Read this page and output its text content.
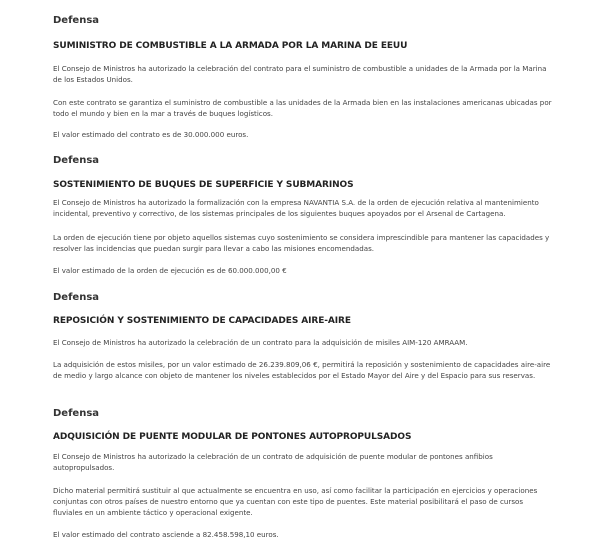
Defensa

SUMINISTRO DE COMBUSTIBLE A LA ARMADA POR LA MARINA DE EEUU

El Consejo de Ministros ha autorizado la celebración del contrato para el suministro de combustible a unidades de la Armada por la Marina de los Estados Unidos.

Con este contrato se garantiza el suministro de combustible a las unidades de la Armada bien en las instalaciones americanas ubicadas por todo el mundo y bien en la mar a través de buques logísticos.

El valor estimado del contrato es de 30.000.000 euros.

Defensa

SOSTENIMIENTO DE BUQUES DE SUPERFICIE Y SUBMARINOS

El Consejo de Ministros ha autorizado la formalización con la empresa NAVANTIA S.A. de la orden de ejecución relativa al mantenimiento incidental, preventivo y correctivo, de los sistemas principales de los siguientes buques apoyados por el Arsenal de Cartagena.

La orden de ejecución tiene por objeto aquellos sistemas cuyo sostenimiento se considera imprescindible para mantener las capacidades y resolver las incidencias que puedan surgir para llevar a cabo las misiones encomendadas.

El valor estimado de la orden de ejecución es de 60.000.000,00 €

Defensa

REPOSICIÓN Y SOSTENIMIENTO DE CAPACIDADES AIRE-AIRE

El Consejo de Ministros ha autorizado la celebración de un contrato para la adquisición de misiles AIM-120 AMRAAM.

La adquisición de estos misiles, por un valor estimado de 26.239.809,06 €, permitirá la reposición y sostenimiento de capacidades aire-aire de medio y largo alcance con objeto de mantener los niveles establecidos por el Estado Mayor del Aire y del Espacio para sus reservas.

Defensa

ADQUISICIÓN DE PUENTE MODULAR DE PONTONES AUTOPROPULSADOS

El Consejo de Ministros ha autorizado la celebración de un contrato de adquisición de puente modular de pontones anfibios autopropulsados.

Dicho material permitirá sustituir al que actualmente se encuentra en uso, así como facilitar la participación en ejercicios y operaciones conjuntas con otros países de nuestro entorno que ya cuentan con este tipo de puentes. Este material posibilitará el paso de cursos fluviales en un ambiente táctico y operacional exigente.

El valor estimado del contrato asciende a 82.458.598,10 euros.
